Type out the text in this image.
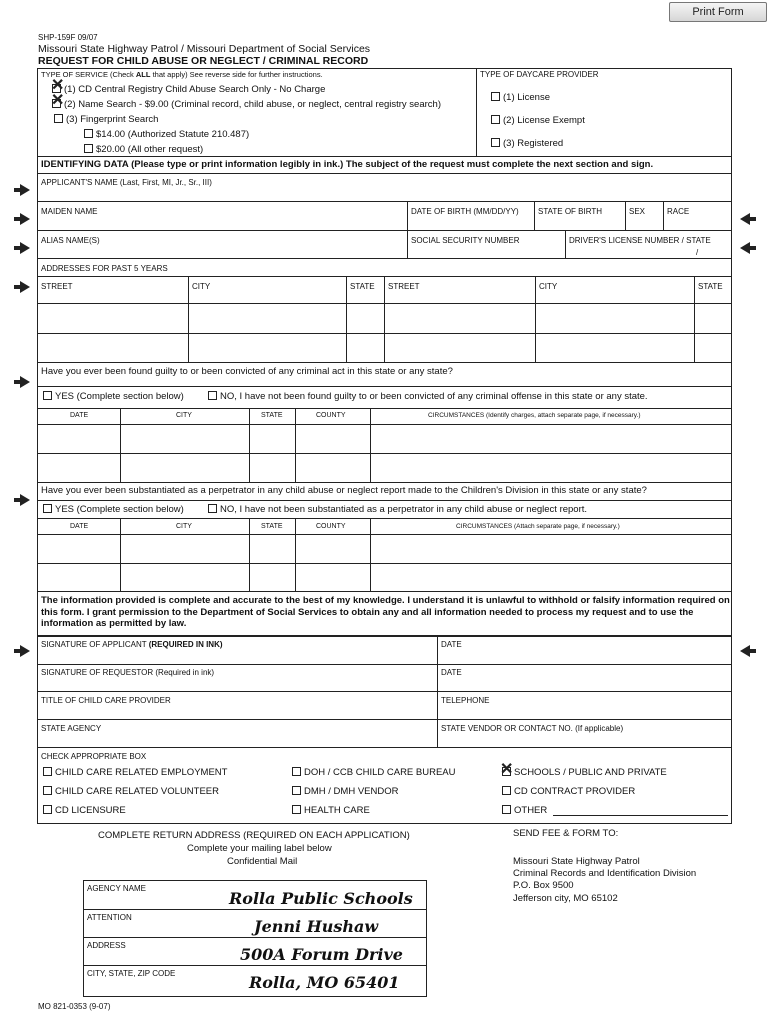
Print Form
SHP-159F 09/07
Missouri State Highway Patrol / Missouri Department of Social Services
REQUEST FOR CHILD ABUSE OR NEGLECT / CRIMINAL RECORD
TYPE OF SERVICE (Check ALL that apply) See reverse side for further instructions.
(1) CD Central Registry Child Abuse Search Only - No Charge
✕
(2) Name Search - $9.00 (Criminal record, child abuse, or neglect, central registry search)
✕
(3) Fingerprint Search
$14.00 (Authorized Statute 210.487)
$20.00 (All other request)
TYPE OF DAYCARE PROVIDER
(1) License
(2) License Exempt
(3) Registered
IDENTIFYING DATA (Please type or print information legibly in ink.) The subject of the request must complete the next section and sign.
APPLICANT'S NAME (Last, First, MI, Jr., Sr., III)
MAIDEN NAME	DATE OF BIRTH (MM/DD/YY) STATE OF BIRTH	SEX	RACE
ALIAS NAME(S)	SOCIAL SECURITY NUMBER	DRIVER'S LICENSE NUMBER / STATE
/
ADDRESSES FOR PAST 5 YEARS
STREET	CITY	STATE STREET	CITY	STATE
Have you ever been found guilty to or been convicted of any criminal act in this state or any state?
YES (Complete section below)	NO, I have not been found guilty to or been convicted of any criminal offense in this state or any state.
DATE	CITY	STATE	COUNTY	CIRCUMSTANCES (Identify charges, attach separate page, if necessary.)
Have you ever been substantiated as a perpetrator in any child abuse or neglect report made to the Children's Division in this state or any state?
YES (Complete section below)	NO, I have not been substantiated as a perpetrator in any child abuse or neglect report.
DATE	CITY	STATE	COUNTY	CIRCUMSTANCES (Attach separate page, if necessary.)
The information provided is complete and accurate to the best of my knowledge. I understand it is unlawful to withhold or falsify information required on this form. I grant permission to the Department of Social Services to obtain any and all information needed to process my request and to use the information as permitted by law.
SIGNATURE OF APPLICANT (REQUIRED IN INK)	DATE
SIGNATURE OF REQUESTOR (Required in ink)	DATE
TITLE OF CHILD CARE PROVIDER	TELEPHONE
STATE AGENCY	STATE VENDOR OR CONTACT NO. (If applicable)
CHECK APPROPRIATE BOX
CHILD CARE RELATED EMPLOYMENT
CHILD CARE RELATED VOLUNTEER
CD LICENSURE
DOH / CCB CHILD CARE BUREAU
DMH / DMH VENDOR
HEALTH CARE
SCHOOLS / PUBLIC AND PRIVATE
✕
CD CONTRACT PROVIDER
OTHER
COMPLETE RETURN ADDRESS (REQUIRED ON EACH APPLICATION)
Complete your mailing label below
Confidential Mail
AGENCY NAME
Rolla Public Schools
ATTENTION	Jenni Hushaw
ADDRESS	500A Forum Drive
CITY, STATE, ZIP CODE	Rolla, MO 65401
SEND FEE & FORM TO:
Missouri State Highway Patrol
Criminal Records and Identification Division
P.O. Box 9500
Jefferson city, MO 65102
MO 821-0353 (9-07)
